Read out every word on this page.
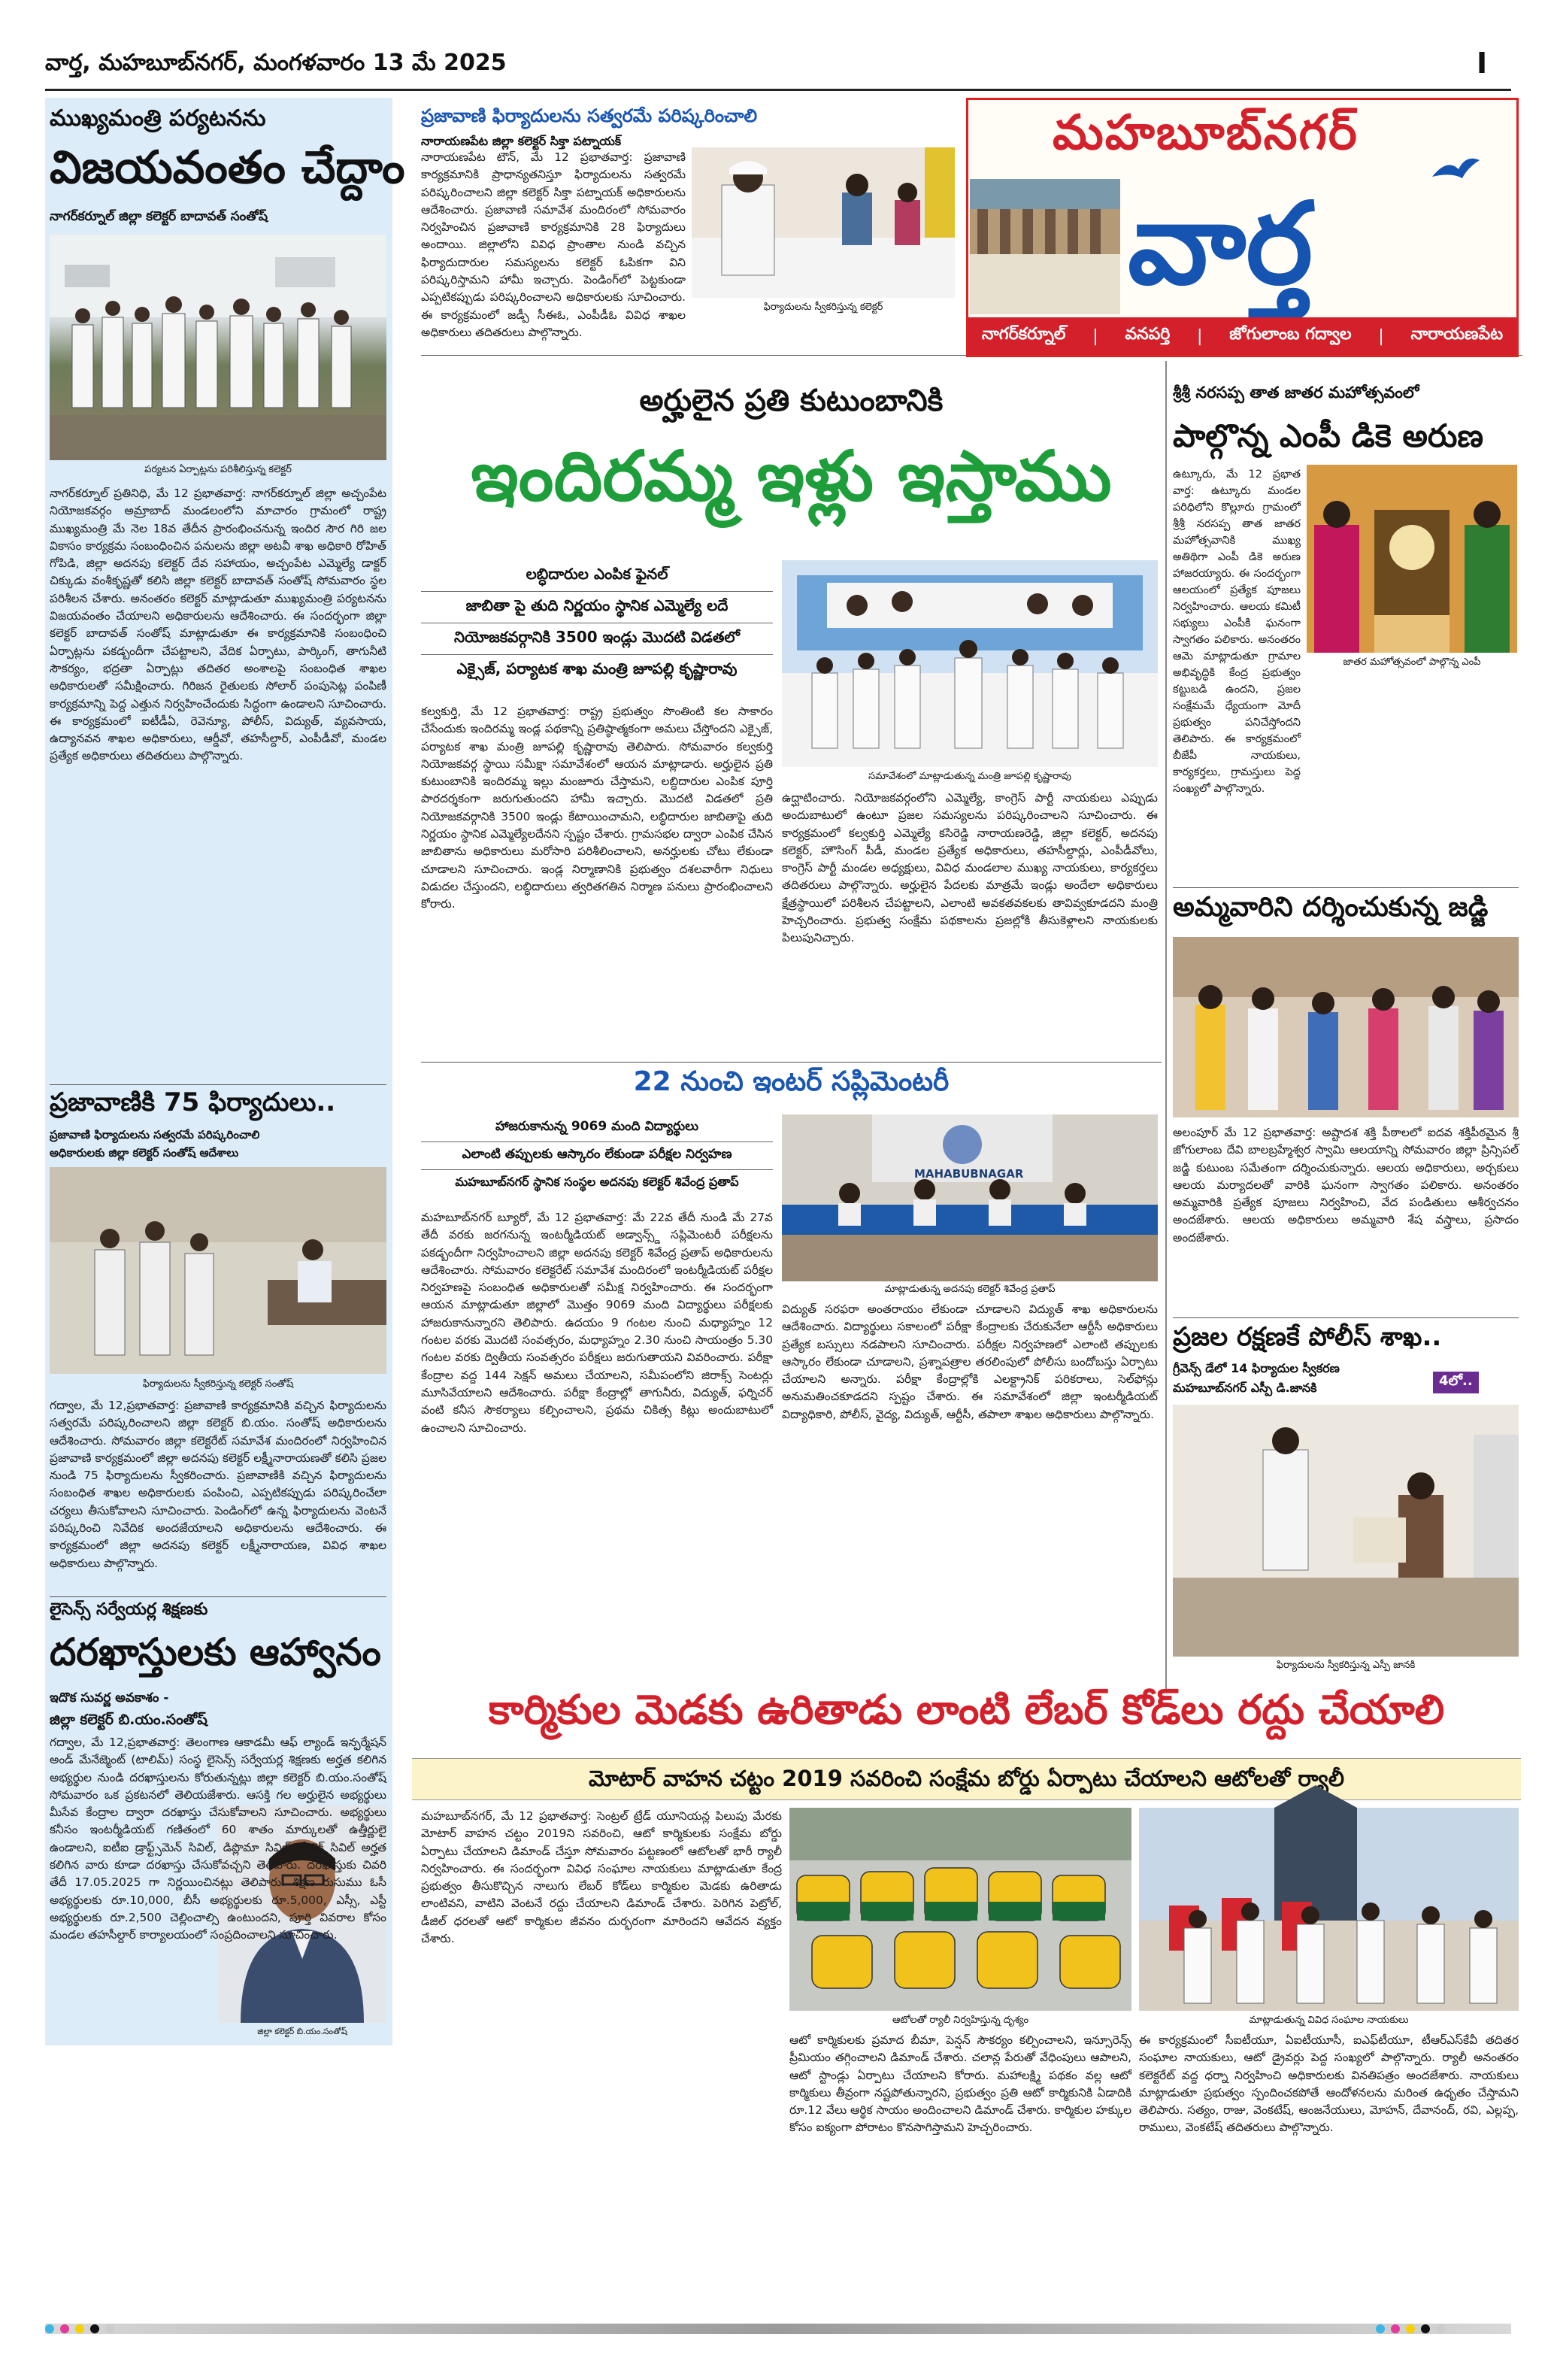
వార్త, మహబూబ్‌నగర్, మంగళవారం 13 మే 2025	I
ముఖ్యమంత్రి పర్యటనను
విజయవంతం చేద్దాం
నాగర్‌కర్నూల్ జిల్లా కలెక్టర్ బాదావత్ సంతోష్
పర్యటన ఏర్పాట్లను పరిశీలిస్తున్న కలెక్టర్
నాగర్‌కర్నూల్ ప్రతినిధి, మే 12 ప్రభాతవార్త: నాగర్‌కర్నూల్ జిల్లా అచ్చంపేట నియోజకవర్గం అమ్రాబాద్ మండలంలోని మాచారం గ్రామంలో రాష్ట్ర ముఖ్యమంత్రి మే నెల 18వ తేదీన ప్రారంభించనున్న ఇందిర సౌర గిరి జల వికాసం కార్యక్రమ సంబంధించిన పనులను జిల్లా అటవీ శాఖ అధికారి రోహిత్ గోపిడి, జిల్లా అదనపు కలెక్టర్ దేవ సహాయం, అచ్చంపేట ఎమ్మెల్యే డాక్టర్ చిక్కుడు వంశీకృష్ణతో కలిసి జిల్లా కలెక్టర్ బాదావత్ సంతోష్ సోమవారం స్థల పరిశీలన చేశారు. అనంతరం కలెక్టర్ మాట్లాడుతూ ముఖ్యమంత్రి పర్యటనను విజయవంతం చేయాలని అధికారులను ఆదేశించారు. ఈ సందర్భంగా జిల్లా కలెక్టర్ బాదావత్ సంతోష్ మాట్లాడుతూ ఈ కార్యక్రమానికి సంబంధించి ఏర్పాట్లను పకడ్బందీగా చేపట్టాలని, వేదిక ఏర్పాటు, పార్కింగ్, తాగునీటి సౌకర్యం, భద్రతా ఏర్పాట్లు తదితర అంశాలపై సంబంధిత శాఖల అధికారులతో సమీక్షించారు. గిరిజన రైతులకు సోలార్ పంపుసెట్ల పంపిణీ కార్యక్రమాన్ని పెద్ద ఎత్తున నిర్వహించేందుకు సిద్ధంగా ఉండాలని సూచించారు. ఈ కార్యక్రమంలో ఐటీడీఏ, రెవెన్యూ, పోలీస్, విద్యుత్, వ్యవసాయ, ఉద్యానవన శాఖల అధికారులు, ఆర్డీవో, తహసీల్దార్, ఎంపీడీవో, మండల ప్రత్యేక అధికారులు తదితరులు పాల్గొన్నారు.
ప్రజావాణికి 75 ఫిర్యాదులు..
ప్రజావాణి ఫిర్యాదులను సత్వరమే పరిష్కరించాలి
అధికారులకు జిల్లా కలెక్టర్ సంతోష్ ఆదేశాలు
ఫిర్యాదులను స్వీకరిస్తున్న కలెక్టర్ సంతోష్
గద్వాల, మే 12,ప్రభాతవార్త: ప్రజావాణి కార్యక్రమానికి వచ్చిన ఫిర్యాదులను సత్వరమే పరిష్కరించాలని జిల్లా కలెక్టర్ బి.యం. సంతోష్ అధికారులను ఆదేశించారు. సోమవారం జిల్లా కలెక్టరేట్ సమావేశ మందిరంలో నిర్వహించిన ప్రజావాణి కార్యక్రమంలో జిల్లా అదనపు కలెక్టర్ లక్ష్మీనారాయణతో కలిసి ప్రజల నుండి 75 ఫిర్యాదులను స్వీకరించారు. ప్రజావాణికి వచ్చిన ఫిర్యాదులను సంబంధిత శాఖల అధికారులకు పంపించి, ఎప్పటికప్పుడు పరిష్కరించేలా చర్యలు తీసుకోవాలని సూచించారు. పెండింగ్‌లో ఉన్న ఫిర్యాదులను వెంటనే పరిష్కరించి నివేదిక అందజేయాలని అధికారులను ఆదేశించారు. ఈ కార్యక్రమంలో జిల్లా అదనపు కలెక్టర్ లక్ష్మీనారాయణ, వివిధ శాఖల అధికారులు పాల్గొన్నారు.
లైసెన్స్ సర్వేయర్ల శిక్షణకు
దరఖాస్తులకు ఆహ్వానం
ఇదొక సువర్ణ అవకాశం -
జిల్లా కలెక్టర్ బి.యం.సంతోష్
జిల్లా కలెక్టర్ బి.యం.సంతోష్
గద్వాల, మే 12,ప్రభాతవార్త: తెలంగాణ ఆకాడమీ ఆఫ్ ల్యాండ్ ఇన్ఫర్మేషన్ అండ్ మేనేజ్మెంట్ (టాలిమ్) సంస్థ లైసెన్స్ సర్వేయర్ల శిక్షణకు అర్హత కలిగిన అభ్యర్థుల నుండి దరఖాస్తులను కోరుతున్నట్లు జిల్లా కలెక్టర్ బి.యం.సంతోష్ సోమవారం ఒక ప్రకటనలో తెలియజేశారు. ఆసక్తి గల అర్హులైన అభ్యర్థులు మీసేవ కేంద్రాల ద్వారా దరఖాస్తు చేసుకోవాలని సూచించారు. అభ్యర్థులు కనీసం ఇంటర్మీడియట్ గణితంలో 60 శాతం మార్కులతో ఉత్తీర్ణులై ఉండాలని, ఐటీఐ డ్రాఫ్ట్స్‌మెన్ సివిల్, డిప్లొమా సివిల్, బీటెక్ సివిల్ అర్హత కలిగిన వారు కూడా దరఖాస్తు చేసుకోవచ్చని తెలిపారు. దరఖాస్తుకు చివరి తేదీ 17.05.2025 గా నిర్ణయించినట్లు తెలిపారు. శిక్షణ రుసుము ఓసీ అభ్యర్థులకు రూ.10,000, బీసీ అభ్యర్థులకు రూ.5,000, ఎస్సీ, ఎస్టీ అభ్యర్థులకు రూ.2,500 చెల్లించాల్సి ఉంటుందని, పూర్తి వివరాల కోసం మండల తహసీల్దార్ కార్యాలయంలో సంప్రదించాలని సూచించారు.
ప్రజావాణి ఫిర్యాదులను సత్వరమే పరిష్కరించాలి
నారాయణపేట జిల్లా కలెక్టర్ సిక్తా పట్నాయక్
ఫిర్యాదులను స్వీకరిస్తున్న కలెక్టర్
నారాయణపేట టౌన్, మే 12 ప్రభాతవార్త: ప్రజావాణి కార్యక్రమానికి ప్రాధాన్యతనిస్తూ ఫిర్యాదులను సత్వరమే పరిష్కరించాలని జిల్లా కలెక్టర్ సిక్తా పట్నాయక్ అధికారులను ఆదేశించారు. ప్రజావాణి సమావేశ మందిరంలో సోమవారం నిర్వహించిన ప్రజావాణి కార్యక్రమానికి 28 ఫిర్యాదులు అందాయి. జిల్లాలోని వివిధ ప్రాంతాల నుండి వచ్చిన ఫిర్యాదుదారుల సమస్యలను కలెక్టర్ ఓపికగా విని పరిష్కరిస్తామని హామీ ఇచ్చారు. పెండింగ్‌లో పెట్టకుండా ఎప్పటికప్పుడు పరిష్కరించాలని అధికారులకు సూచించారు. ఈ కార్యక్రమంలో జడ్పీ సీఈఓ, ఎంపీడీఓ వివిధ శాఖల అధికారులు తదితరులు పాల్గొన్నారు.
మహబూబ్‌నగర్
వార్త
నాగర్‌కర్నూల్ | వనపర్తి | జోగులాంబ గద్వాల | నారాయణపేట
అర్హులైన ప్రతి కుటుంబానికి
ఇందిరమ్మ ఇళ్లు ఇస్తాము
లబ్ధిదారుల ఎంపిక ఫైనల్
జాబితా పై తుది నిర్ణయం స్థానిక ఎమ్మెల్యే లదే
నియోజకవర్గానికి 3500 ఇండ్లు మొదటి విడతలో
ఎక్సైజ్, పర్యాటక శాఖ మంత్రి జూపల్లి కృష్ణారావు
సమావేశంలో మాట్లాడుతున్న మంత్రి జూపల్లి కృష్ణారావు
కల్వకుర్తి, మే 12 ప్రభాతవార్త: రాష్ట్ర ప్రభుత్వం సొంతింటి కల సాకారం చేసేందుకు ఇందిరమ్మ ఇండ్ల పథకాన్ని ప్రతిష్ఠాత్మకంగా అమలు చేస్తోందని ఎక్సైజ్, పర్యాటక శాఖ మంత్రి జూపల్లి కృష్ణారావు తెలిపారు. సోమవారం కల్వకుర్తి నియోజకవర్గ స్థాయి సమీక్షా సమావేశంలో ఆయన మాట్లాడారు. అర్హులైన ప్రతి కుటుంబానికి ఇందిరమ్మ ఇల్లు మంజూరు చేస్తామని, లబ్ధిదారుల ఎంపిక పూర్తి పారదర్శకంగా జరుగుతుందని హామీ ఇచ్చారు. మొదటి విడతలో ప్రతి నియోజకవర్గానికి 3500 ఇండ్లు కేటాయించామని, లబ్ధిదారుల జాబితాపై తుది నిర్ణయం స్థానిక ఎమ్మెల్యేలదేనని స్పష్టం చేశారు. గ్రామసభల ద్వారా ఎంపిక చేసిన జాబితాను అధికారులు మరోసారి పరిశీలించాలని, అనర్హులకు చోటు లేకుండా చూడాలని సూచించారు. ఇండ్ల నిర్మాణానికి ప్రభుత్వం దశలవారీగా నిధులు విడుదల చేస్తుందని, లబ్ధిదారులు త్వరితగతిన నిర్మాణ పనులు ప్రారంభించాలని కోరారు.
ఉద్ఘాటించారు. నియోజకవర్గంలోని ఎమ్మెల్యే, కాంగ్రెస్ పార్టీ నాయకులు ఎప్పుడు అందుబాటులో ఉంటూ ప్రజల సమస్యలను పరిష్కరించాలని సూచించారు. ఈ కార్యక్రమంలో కల్వకుర్తి ఎమ్మెల్యే కసిరెడ్డి నారాయణరెడ్డి, జిల్లా కలెక్టర్, అదనపు కలెక్టర్, హౌసింగ్ పీడీ, మండల ప్రత్యేక అధికారులు, తహసీల్దార్లు, ఎంపీడీవోలు, కాంగ్రెస్ పార్టీ మండల అధ్యక్షులు, వివిధ మండలాల ముఖ్య నాయకులు, కార్యకర్తలు తదితరులు పాల్గొన్నారు. అర్హులైన పేదలకు మాత్రమే ఇండ్లు అందేలా అధికారులు క్షేత్రస్థాయిలో పరిశీలన చేపట్టాలని, ఎలాంటి అవకతవకలకు తావివ్వకూడదని మంత్రి హెచ్చరించారు. ప్రభుత్వ సంక్షేమ పథకాలను ప్రజల్లోకి తీసుకెళ్లాలని నాయకులకు పిలుపునిచ్చారు.
శ్రీశ్రీ నరసప్ప తాత జాతర మహోత్సవంలో
పాల్గొన్న ఎంపీ డికె అరుణ
జాతర మహోత్సవంలో పాల్గొన్న ఎంపీ
ఉట్కూరు, మే 12 ప్రభాత వార్త: ఉట్కూరు మండల పరిధిలోని కొల్లూరు గ్రామంలో శ్రీశ్రీ నరసప్ప తాత జాతర మహోత్సవానికి ముఖ్య అతిథిగా ఎంపీ డికె అరుణ హాజరయ్యారు. ఈ సందర్భంగా ఆలయంలో ప్రత్యేక పూజలు నిర్వహించారు. ఆలయ కమిటీ సభ్యులు ఎంపీకి ఘనంగా స్వాగతం పలికారు. అనంతరం ఆమె మాట్లాడుతూ గ్రామాల అభివృద్ధికి కేంద్ర ప్రభుత్వం కట్టుబడి ఉందని, ప్రజల సంక్షేమమే ధ్యేయంగా మోదీ ప్రభుత్వం పనిచేస్తోందని తెలిపారు. ఈ కార్యక్రమంలో బీజేపీ నాయకులు, కార్యకర్తలు, గ్రామస్తులు పెద్ద సంఖ్యలో పాల్గొన్నారు.
అమ్మవారిని దర్శించుకున్న జడ్జి
అలంపూర్ మే 12 ప్రభాతవార్త: అష్టాదశ శక్తి పీఠాలలో ఐదవ శక్తిపీఠమైన శ్రీ జోగులాంబ దేవి బాలబ్రహ్మేశ్వర స్వామి ఆలయాన్ని సోమవారం జిల్లా ప్రిన్సిపల్ జడ్జి కుటుంబ సమేతంగా దర్శించుకున్నారు. ఆలయ అధికారులు, అర్చకులు ఆలయ మర్యాదలతో వారికి ఘనంగా స్వాగతం పలికారు. అనంతరం అమ్మవారికి ప్రత్యేక పూజలు నిర్వహించి, వేద పండితులు ఆశీర్వచనం అందజేశారు. ఆలయ అధికారులు అమ్మవారి శేష వస్త్రాలు, ప్రసాదం అందజేశారు.
ప్రజల రక్షణకే పోలీస్ శాఖ..
గ్రీవెన్స్ డేలో 14 ఫిర్యాదుల స్వీకరణ
మహబూబ్‌నగర్ ఎస్పీ డి.జానకి	4లో..
ఫిర్యాదులను స్వీకరిస్తున్న ఎస్పీ జానకి
22 నుంచి ఇంటర్ సప్లిమెంటరీ
హాజరుకానున్న 9069 మంది విద్యార్థులు
ఎలాంటి తప్పులకు ఆస్కారం లేకుండా పరీక్షల నిర్వహణ
మహబూబ్‌నగర్ స్థానిక సంస్థల అదనపు కలెక్టర్ శివేంద్ర ప్రతాప్
MAHABUBNAGAR
మాట్లాడుతున్న అదనపు కలెక్టర్ శివేంద్ర ప్రతాప్
మహబూబ్‌నగర్ బ్యూరో, మే 12 ప్రభాతవార్త: మే 22వ తేదీ నుండి మే 27వ తేదీ వరకు జరగనున్న ఇంటర్మీడియట్ అడ్వాన్స్డ్ సప్లిమెంటరీ పరీక్షలను పకడ్బందీగా నిర్వహించాలని జిల్లా అదనపు కలెక్టర్ శివేంద్ర ప్రతాప్ అధికారులను ఆదేశించారు. సోమవారం కలెక్టరేట్ సమావేశ మందిరంలో ఇంటర్మీడియట్ పరీక్షల నిర్వహణపై సంబంధిత అధికారులతో సమీక్ష నిర్వహించారు. ఈ సందర్భంగా ఆయన మాట్లాడుతూ జిల్లాలో మొత్తం 9069 మంది విద్యార్థులు పరీక్షలకు హాజరుకానున్నారని తెలిపారు. ఉదయం 9 గంటల నుంచి మధ్యాహ్నం 12 గంటల వరకు మొదటి సంవత్సరం, మధ్యాహ్నం 2.30 నుంచి సాయంత్రం 5.30 గంటల వరకు ద్వితీయ సంవత్సరం పరీక్షలు జరుగుతాయని వివరించారు. పరీక్షా కేంద్రాల వద్ద 144 సెక్షన్ అమలు చేయాలని, సమీపంలోని జిరాక్స్ సెంటర్లు మూసివేయాలని ఆదేశించారు. పరీక్షా కేంద్రాల్లో తాగునీరు, విద్యుత్, ఫర్నిచర్ వంటి కనీస సౌకర్యాలు కల్పించాలని, ప్రథమ చికిత్స కిట్లు అందుబాటులో ఉంచాలని సూచించారు.
విద్యుత్ సరఫరా అంతరాయం లేకుండా చూడాలని విద్యుత్ శాఖ అధికారులను ఆదేశించారు. విద్యార్థులు సకాలంలో పరీక్షా కేంద్రాలకు చేరుకునేలా ఆర్టీసీ అధికారులు ప్రత్యేక బస్సులు నడపాలని సూచించారు. పరీక్షల నిర్వహణలో ఎలాంటి తప్పులకు ఆస్కారం లేకుండా చూడాలని, ప్రశ్నాపత్రాల తరలింపులో పోలీసు బందోబస్తు ఏర్పాటు చేయాలని అన్నారు. పరీక్షా కేంద్రాల్లోకి ఎలక్ట్రానిక్ పరికరాలు, సెల్‌ఫోన్లు అనుమతించకూడదని స్పష్టం చేశారు. ఈ సమావేశంలో జిల్లా ఇంటర్మీడియట్ విద్యాధికారి, పోలీస్, వైద్య, విద్యుత్, ఆర్టీసీ, తపాలా శాఖల అధికారులు పాల్గొన్నారు.
కార్మికుల మెడకు ఉరితాడు లాంటి లేబర్ కోడ్‌లు రద్దు చేయాలి
మోటార్ వాహన చట్టం 2019 సవరించి సంక్షేమ బోర్డు ఏర్పాటు చేయాలని ఆటోలతో ర్యాలీ
మహబూబ్‌నగర్, మే 12 ప్రభాతవార్త: సెంట్రల్ ట్రేడ్ యూనియన్ల పిలుపు మేరకు మోటార్ వాహన చట్టం 2019ని సవరించి, ఆటో కార్మికులకు సంక్షేమ బోర్డు ఏర్పాటు చేయాలని డిమాండ్ చేస్తూ సోమవారం పట్టణంలో ఆటోలతో భారీ ర్యాలీ నిర్వహించారు. ఈ సందర్భంగా వివిధ సంఘాల నాయకులు మాట్లాడుతూ కేంద్ర ప్రభుత్వం తీసుకొచ్చిన నాలుగు లేబర్ కోడ్‌లు కార్మికుల మెడకు ఉరితాడు లాంటివని, వాటిని వెంటనే రద్దు చేయాలని డిమాండ్ చేశారు. పెరిగిన పెట్రోల్, డీజిల్ ధరలతో ఆటో కార్మికుల జీవనం దుర్భరంగా మారిందని ఆవేదన వ్యక్తం చేశారు.
ఆటోలతో ర్యాలీ నిర్వహిస్తున్న దృశ్యం	మాట్లాడుతున్న వివిధ సంఘాల నాయకులు
ఆటో కార్మికులకు ప్రమాద బీమా, పెన్షన్ సౌకర్యం కల్పించాలని, ఇన్సూరెన్స్ ప్రీమియం తగ్గించాలని డిమాండ్ చేశారు. చలాన్ల పేరుతో వేధింపులు ఆపాలని, ఆటో స్టాండ్లు ఏర్పాటు చేయాలని కోరారు. మహాలక్ష్మి పథకం వల్ల ఆటో కార్మికులు తీవ్రంగా నష్టపోతున్నారని, ప్రభుత్వం ప్రతి ఆటో కార్మికునికి ఏడాదికి రూ.12 వేలు ఆర్థిక సాయం అందించాలని డిమాండ్ చేశారు. కార్మికుల హక్కుల కోసం ఐక్యంగా పోరాటం కొనసాగిస్తామని హెచ్చరించారు.
ఈ కార్యక్రమంలో సీఐటీయూ, ఏఐటీయూసీ, ఐఎఫ్‌టీయూ, టీఆర్‌ఎస్‌కేవీ తదితర సంఘాల నాయకులు, ఆటో డ్రైవర్లు పెద్ద సంఖ్యలో పాల్గొన్నారు. ర్యాలీ అనంతరం కలెక్టరేట్ వద్ద ధర్నా నిర్వహించి అధికారులకు వినతిపత్రం అందజేశారు. నాయకులు మాట్లాడుతూ ప్రభుత్వం స్పందించకపోతే ఆందోళనలను మరింత ఉధృతం చేస్తామని తెలిపారు. సత్యం, రాజు, వెంకటేష్, ఆంజనేయులు, మోహన్, దేవానంద్, రవి, ఎల్లప్ప, రాములు, వెంకటేష్ తదితరులు పాల్గొన్నారు.
